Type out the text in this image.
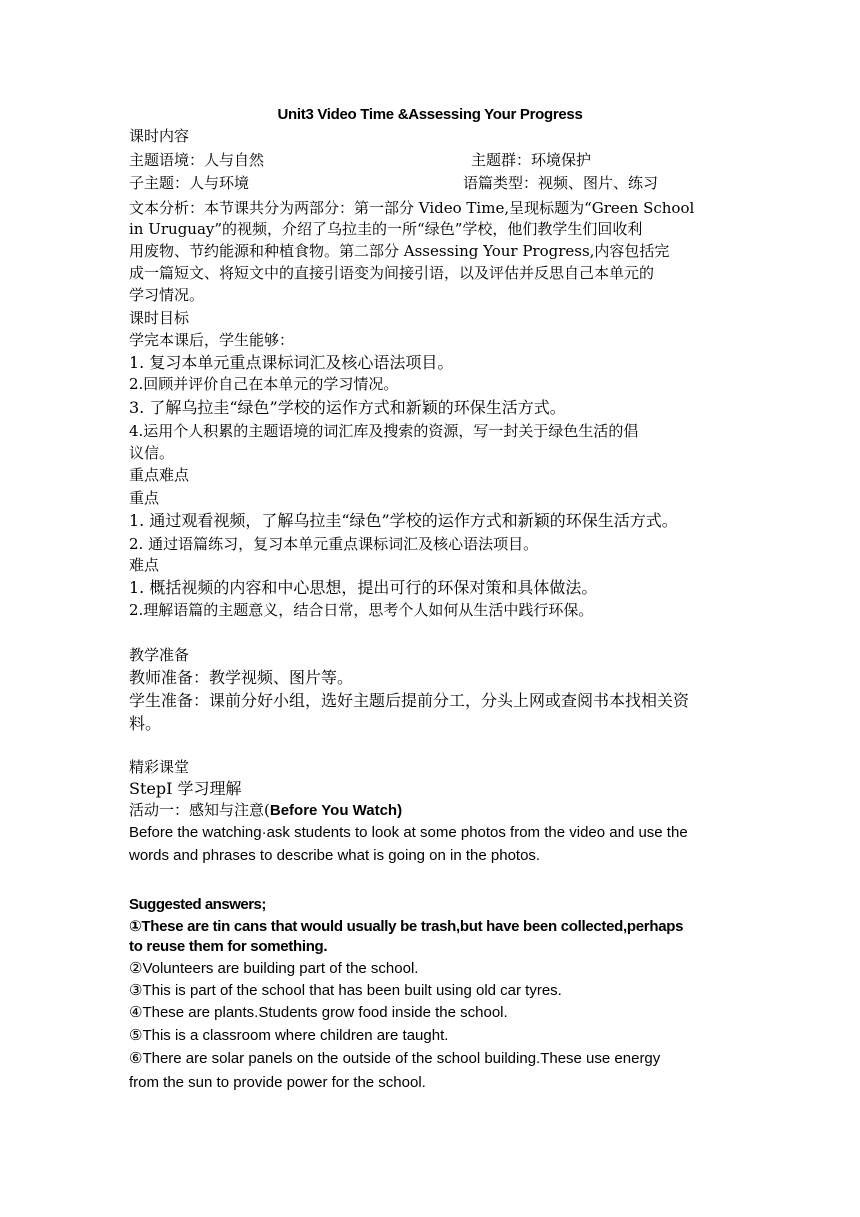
Unit3 Video Time &Assessing Your Progress
课时内容
主题语境：人与自然	主题群：环境保护
子主题：人与环境	语篇类型：视频、图片、练习
文本分析：本节课共分为两部分：第一部分 Video Time,呈现标题为“Green School
in Uruguay”的视频，介绍了乌拉圭的一所“绿色”学校，他们教学生们回收利
用废物、节约能源和种植食物。第二部分 Assessing Your Progress,内容包括完
成一篇短文、将短文中的直接引语变为间接引语，以及评估并反思自己本单元的
学习情况。
课时目标
学完本课后，学生能够：
1. 复习本单元重点课标词汇及核心语法项目。
2.回顾并评价自己在本单元的学习情况。
3. 了解乌拉圭“绿色”学校的运作方式和新颖的环保生活方式。
4.运用个人积累的主题语境的词汇库及搜索的资源，写一封关于绿色生活的倡
议信。
重点难点
重点
1. 通过观看视频，了解乌拉圭“绿色”学校的运作方式和新颖的环保生活方式。
2. 通过语篇练习，复习本单元重点课标词汇及核心语法项目。
难点
1. 概括视频的内容和中心思想，提出可行的环保对策和具体做法。
2.理解语篇的主题意义，结合日常，思考个人如何从生活中践行环保。
教学准备
教师准备：教学视频、图片等。
学生准备：课前分好小组，选好主题后提前分工，分头上网或查阅书本找相关资
料。
精彩课堂
StepI 学习理解
活动一：感知与注意(Before You Watch)
Before the watching·ask students to look at some photos from the video and use the
words and phrases to describe what is going on in the photos.
Suggested answers;
①These are tin cans that would usually be trash,but have been collected,perhaps
to reuse them for something.
②Volunteers are building part of the school.
③This is part of the school that has been built using old car tyres.
④These are plants.Students grow food inside the school.
⑤This is a classroom where children are taught.
⑥There are solar panels on the outside of the school building.These use energy
from the sun to provide power for the school.
